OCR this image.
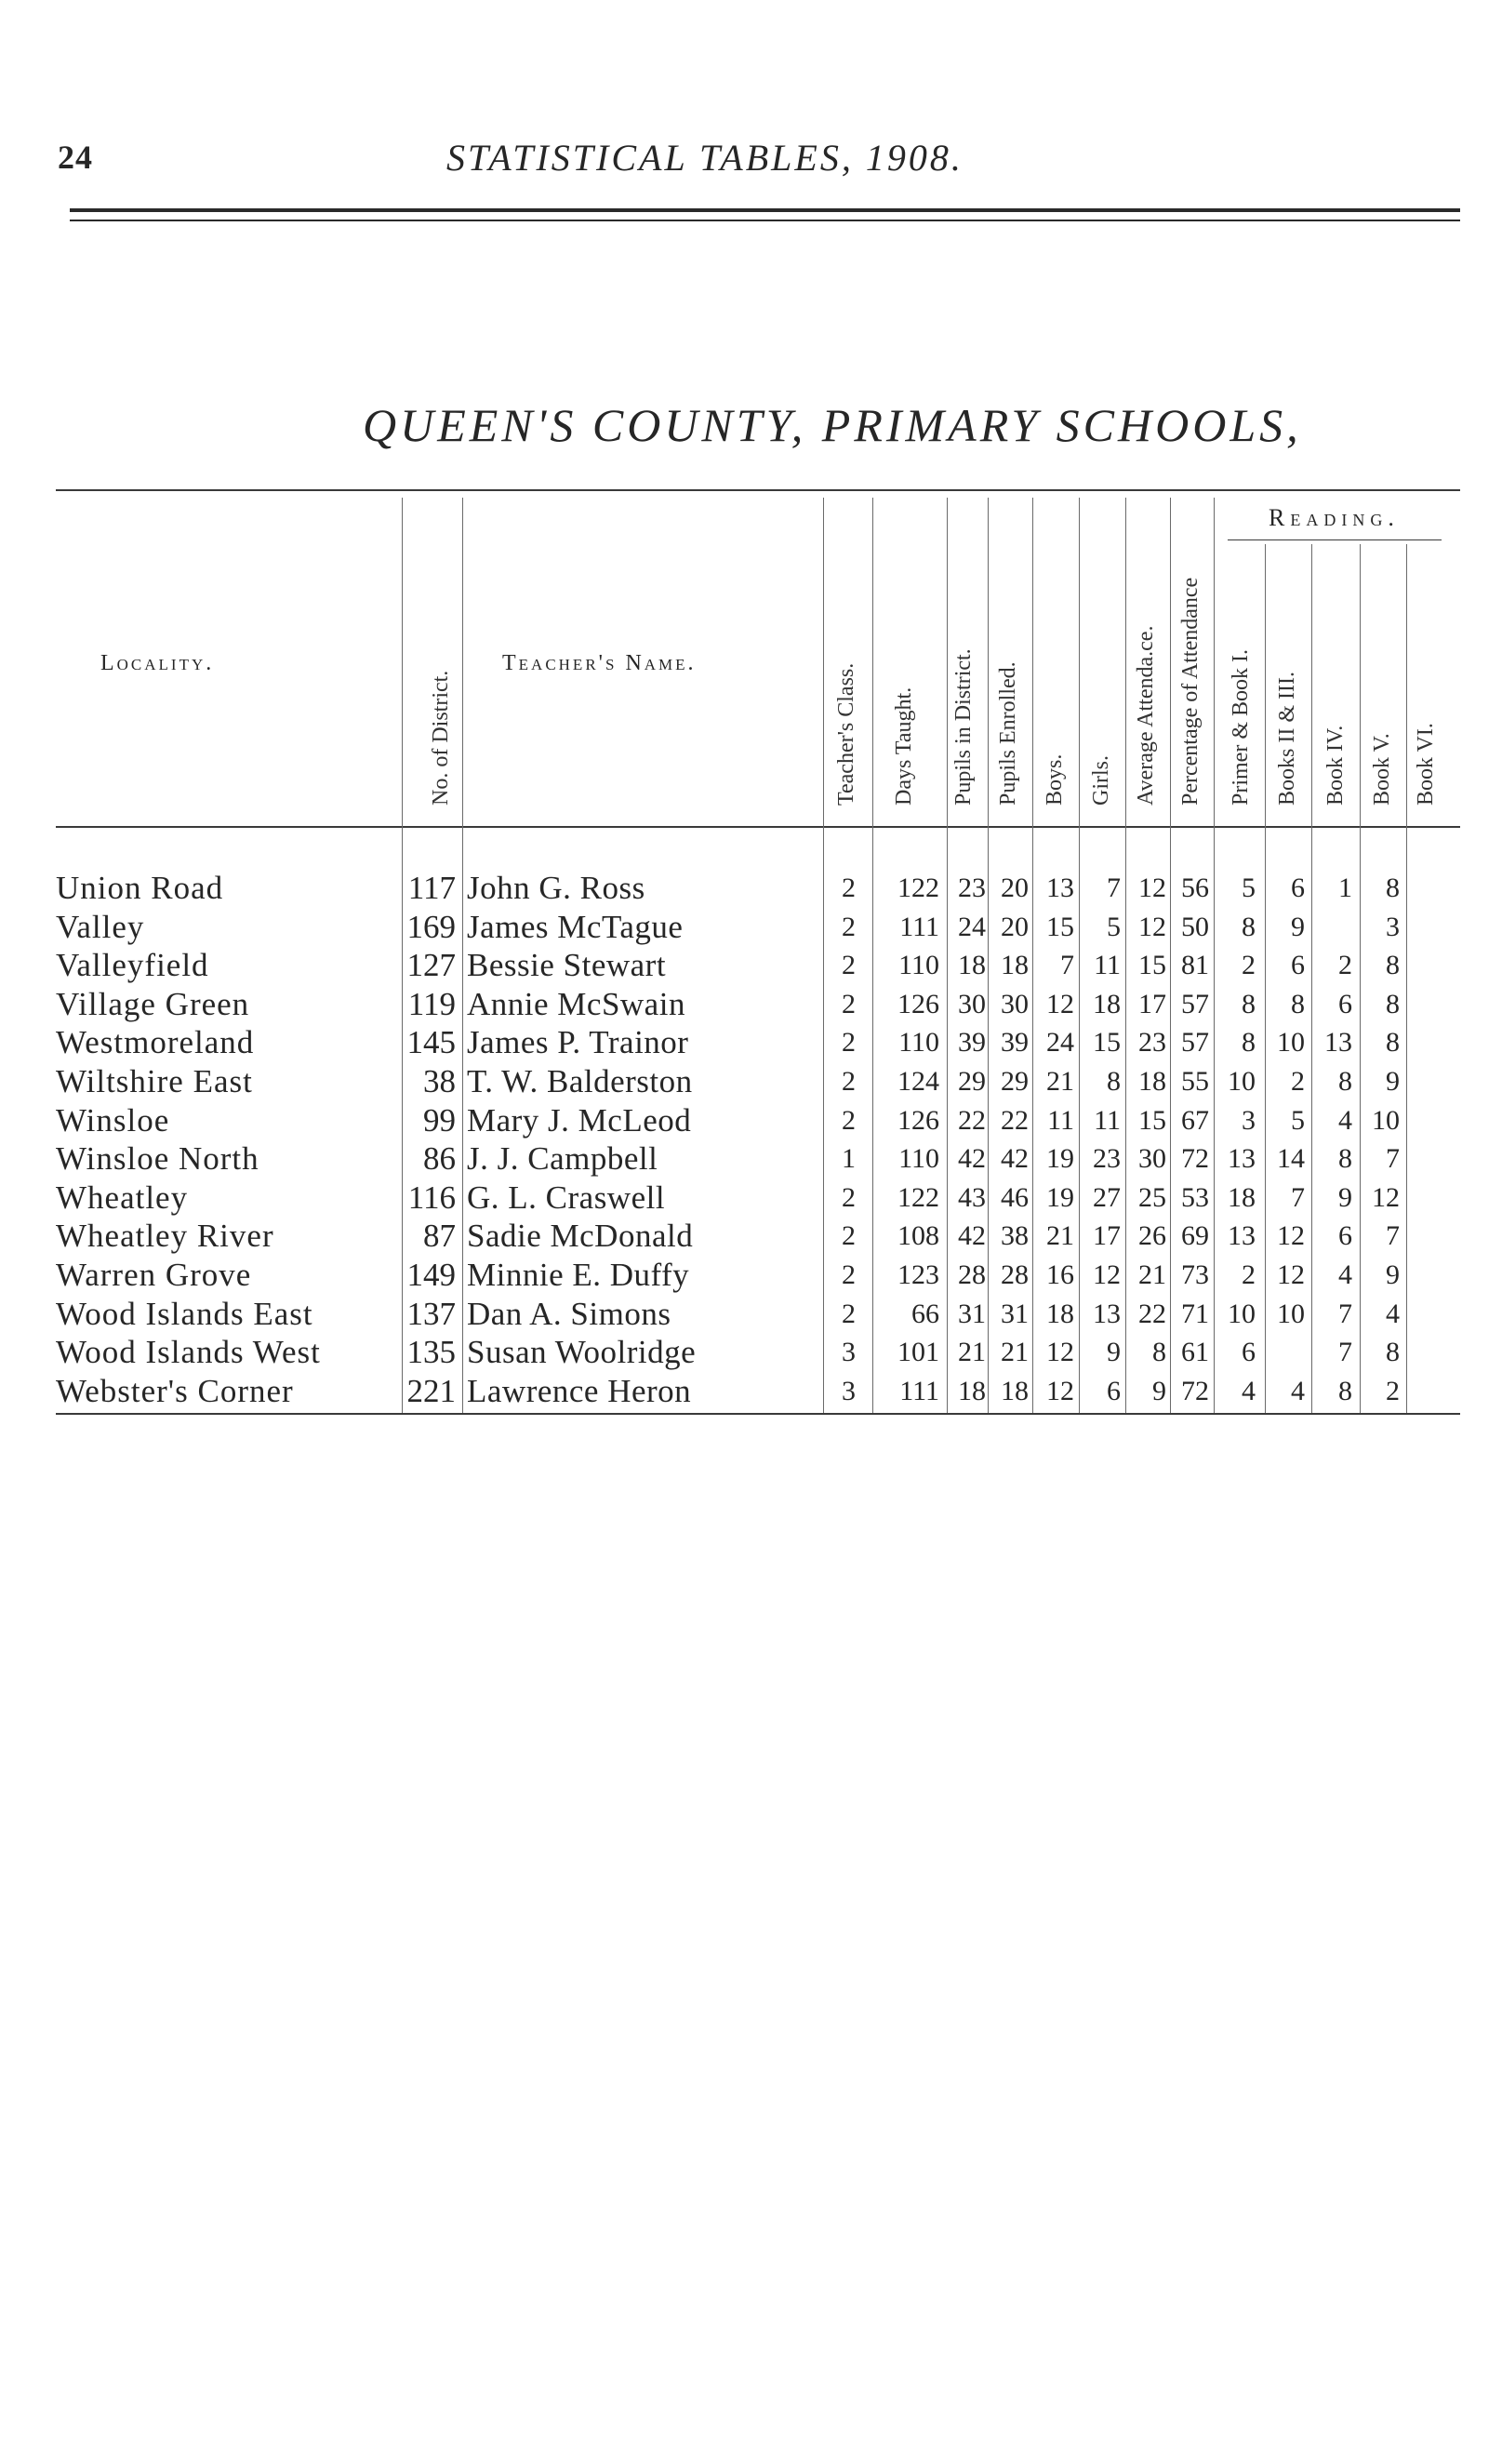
24	STATISTICAL TABLES, 1908.
QUEEN'S COUNTY, PRIMARY SCHOOLS,
Locality.	Teacher's Name.
Reading.
No. of District.	Teacher's Class. Days Taught. Pupils in District. Pupils Enrolled. Boys. Girls. Average Attenda.ce. Percentage of Attendance Primer & Book I. Books II & III. Book IV. Book V. Book VI.
Union Road	117 John G. Ross	2 122 23 20 13 7 12 56 5 6 1 8
Valley	169 James McTague	2 111 24 20 15 5 12 50 8 9	3
Valleyfield	127 Bessie Stewart	2 110 18 18 7 11 15 81 2 6 2 8
Village Green	119 Annie McSwain	2 126 30 30 12 18 17 57 8 8 6 8
Westmoreland	145 James P. Trainor	2 110 39 39 24 15 23 57 8 10 13 8
Wiltshire East	38 T. W. Balderston	2 124 29 29 21 8 18 55 10 2 8 9
Winsloe	99 Mary J. McLeod	2 126 22 22 11 11 15 67 3 5 4 10
Winsloe North	86 J. J. Campbell	1 110 42 42 19 23 30 72 13 14 8 7
Wheatley	116 G. L. Craswell	2 122 43 46 19 27 25 53 18 7 9 12
Wheatley River	87 Sadie McDonald	2 108 42 38 21 17 26 69 13 12 6 7
Warren Grove	149 Minnie E. Duffy	2 123 28 28 16 12 21 73 2 12 4 9
Wood Islands East	137 Dan A. Simons	2 66 31 31 18 13 22 71 10 10 7 4
Wood Islands West	135 Susan Woolridge	3 101 21 21 12 9 8 61 6	7 8
Webster's Corner	221 Lawrence Heron	3 111 18 18 12 6 9 72 4 4 8 2
